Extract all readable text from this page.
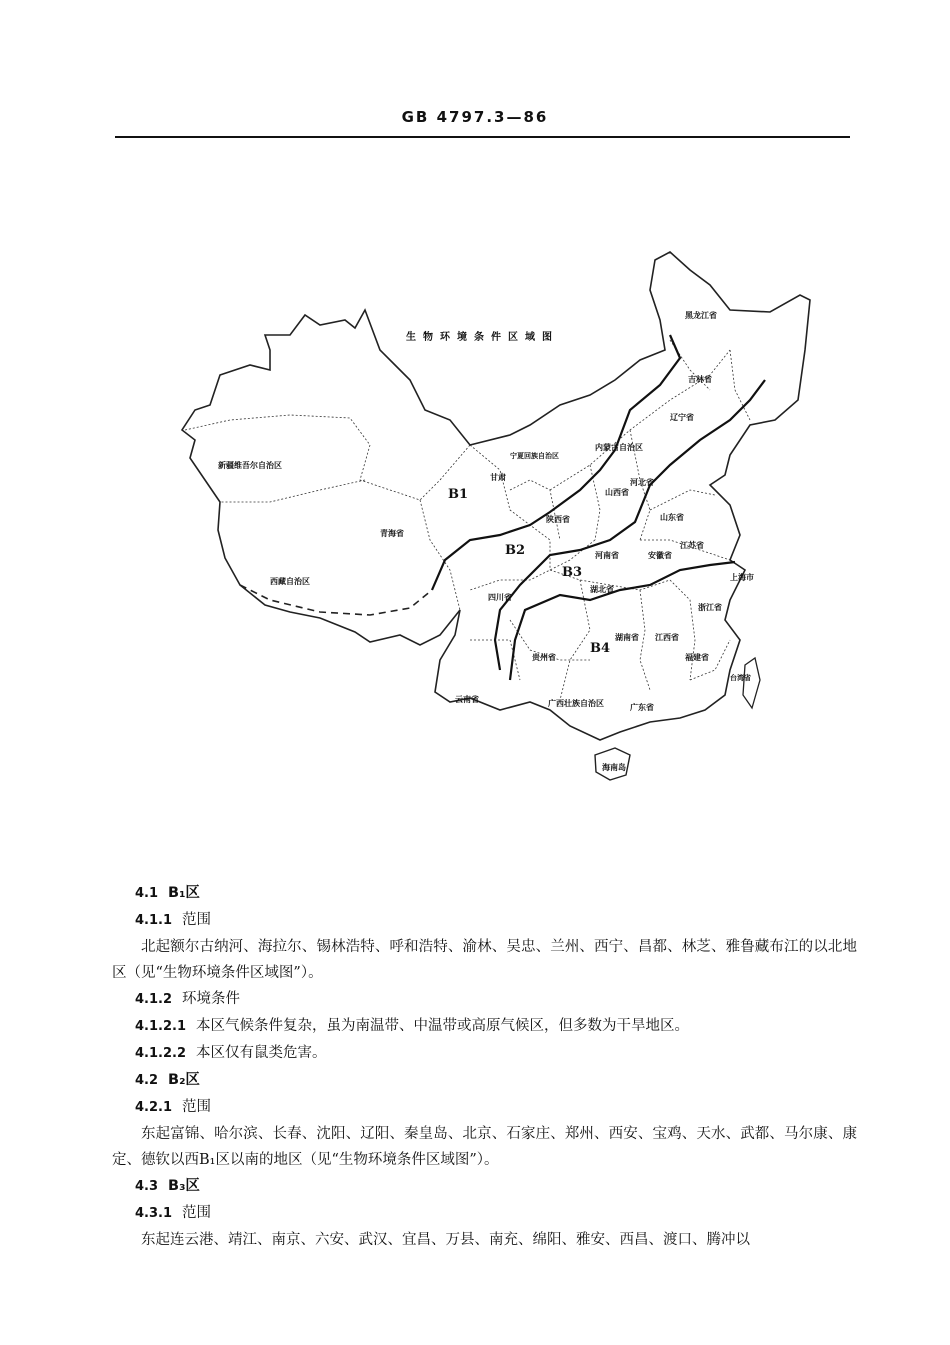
GB 4797.3—86
生物环境条件区域图
B1
B2
B3
B4
黑龙江省
吉林省
辽宁省
内蒙古自治区
新疆维吾尔自治区
甘肃
宁夏回族自治区
青海省
西藏自治区
四川省
陕西省
山西省
河北省
山东省
河南省
湖北省
湖南省
安徽省
江苏省
上海市
浙江省
江西省
福建省
贵州省
云南省	广西壮族自治区	广东省
台湾省
海南岛
4.1 B₁区
4.1.1 范围
北起额尔古纳河、海拉尔、锡林浩特、呼和浩特、渝林、吴忠、兰州、西宁、昌都、林芝、雅鲁藏布江的以北地区（见“生物环境条件区域图”）。
4.1.2 环境条件
4.1.2.1 本区气候条件复杂，虽为南温带、中温带或高原气候区，但多数为干旱地区。
4.1.2.2 本区仅有鼠类危害。
4.2 B₂区
4.2.1 范围
东起富锦、哈尔滨、长春、沈阳、辽阳、秦皇岛、北京、石家庄、郑州、西安、宝鸡、天水、武都、马尔康、康定、德钦以西B₁区以南的地区（见“生物环境条件区域图”）。
4.3 B₃区
4.3.1 范围
东起连云港、靖江、南京、六安、武汉、宜昌、万县、南充、绵阳、雅安、西昌、渡口、腾冲以
